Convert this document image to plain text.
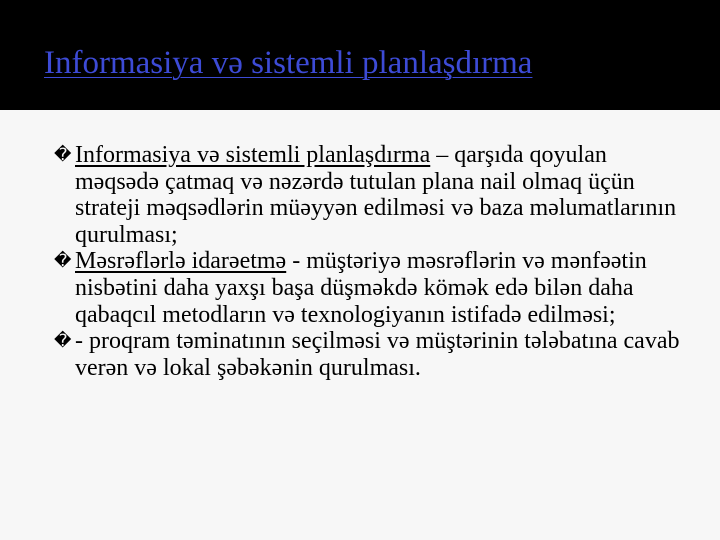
Informasiya və sistemli planlaşdırma
� Informasiya və sistemli planlaşdırma – qarşıda qoyulan məqsədə çatmaq və nəzərdə tutulan plana nail olmaq üçün strateji məqsədlərin müəyyən edilməsi və baza məlumatlarının qurulması;
� Məsrəflərlə idarəetmə - müştəriyə məsrəflərin və mənfəətin nisbətini daha yaxşı başa düşməkdə kömək edə bilən daha qabaqcıl metodların və texnologiyanın istifadə edilməsi;
� - proqram təminatının seçilməsi və müştərinin tələbatına cavab verən və lokal şəbəkənin qurulması.
